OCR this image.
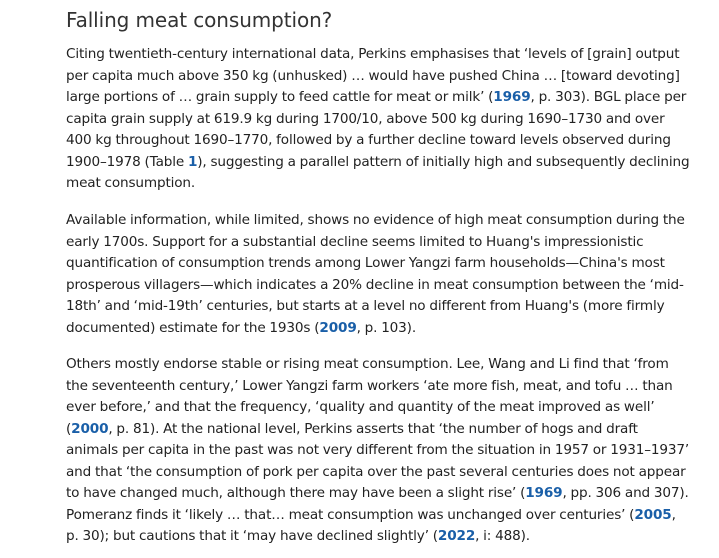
Falling meat consumption?

Citing twentieth-century international data, Perkins emphasises that ‘levels of [grain] output per capita much above 350 kg (unhusked) … would have pushed China … [toward devoting] large portions of … grain supply to feed cattle for meat or milk’ (1969, p. 303). BGL place per capita grain supply at 619.9 kg during 1700/10, above 500 kg during 1690–1730 and over 400 kg throughout 1690–1770, followed by a further decline toward levels observed during 1900–1978 (Table 1), suggesting a parallel pattern of initially high and subsequently declining meat consumption.

Available information, while limited, shows no evidence of high meat consumption during the early 1700s. Support for a substantial decline seems limited to Huang's impressionistic quantification of consumption trends among Lower Yangzi farm households—China's most prosperous villagers—which indicates a 20% decline in meat consumption between the ‘mid-18th’ and ‘mid-19th’ centuries, but starts at a level no different from Huang's (more firmly documented) estimate for the 1930s (2009, p. 103).

Others mostly endorse stable or rising meat consumption. Lee, Wang and Li find that ‘from the seventeenth century,’ Lower Yangzi farm workers ‘ate more fish, meat, and tofu … than ever before,’ and that the frequency, ‘quality and quantity of the meat improved as well’ (2000, p. 81). At the national level, Perkins asserts that ‘the number of hogs and draft animals per capita in the past was not very different from the situation in 1957 or 1931–1937’ and that ‘the consumption of pork per capita over the past several centuries does not appear to have changed much, although there may have been a slight rise’ (1969, pp. 306 and 307). Pomeranz finds it ‘likely … that… meat consumption was unchanged over centuries’ (2005, p. 30); but cautions that it ‘may have declined slightly’ (2022, i: 488).
